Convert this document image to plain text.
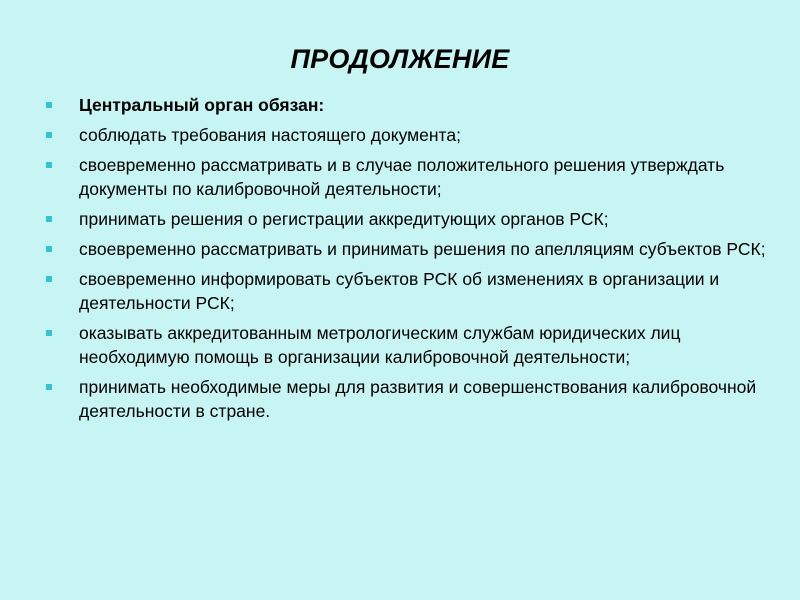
ПРОДОЛЖЕНИЕ
Центральный орган обязан:
соблюдать требования настоящего документа;
своевременно рассматривать и в случае положительного решения утверждать документы по калибровочной деятельности;
принимать решения о регистрации аккредитующих органов РСК;
своевременно рассматривать и принимать решения по апелляциям субъектов РСК;
своевременно информировать субъектов РСК об изменениях в организации и деятельности РСК;
оказывать аккредитованным метрологическим службам юридических лиц необходимую помощь в организации калибровочной деятельности;
принимать необходимые меры для развития и совершенствования калибровочной деятельности в стране.
